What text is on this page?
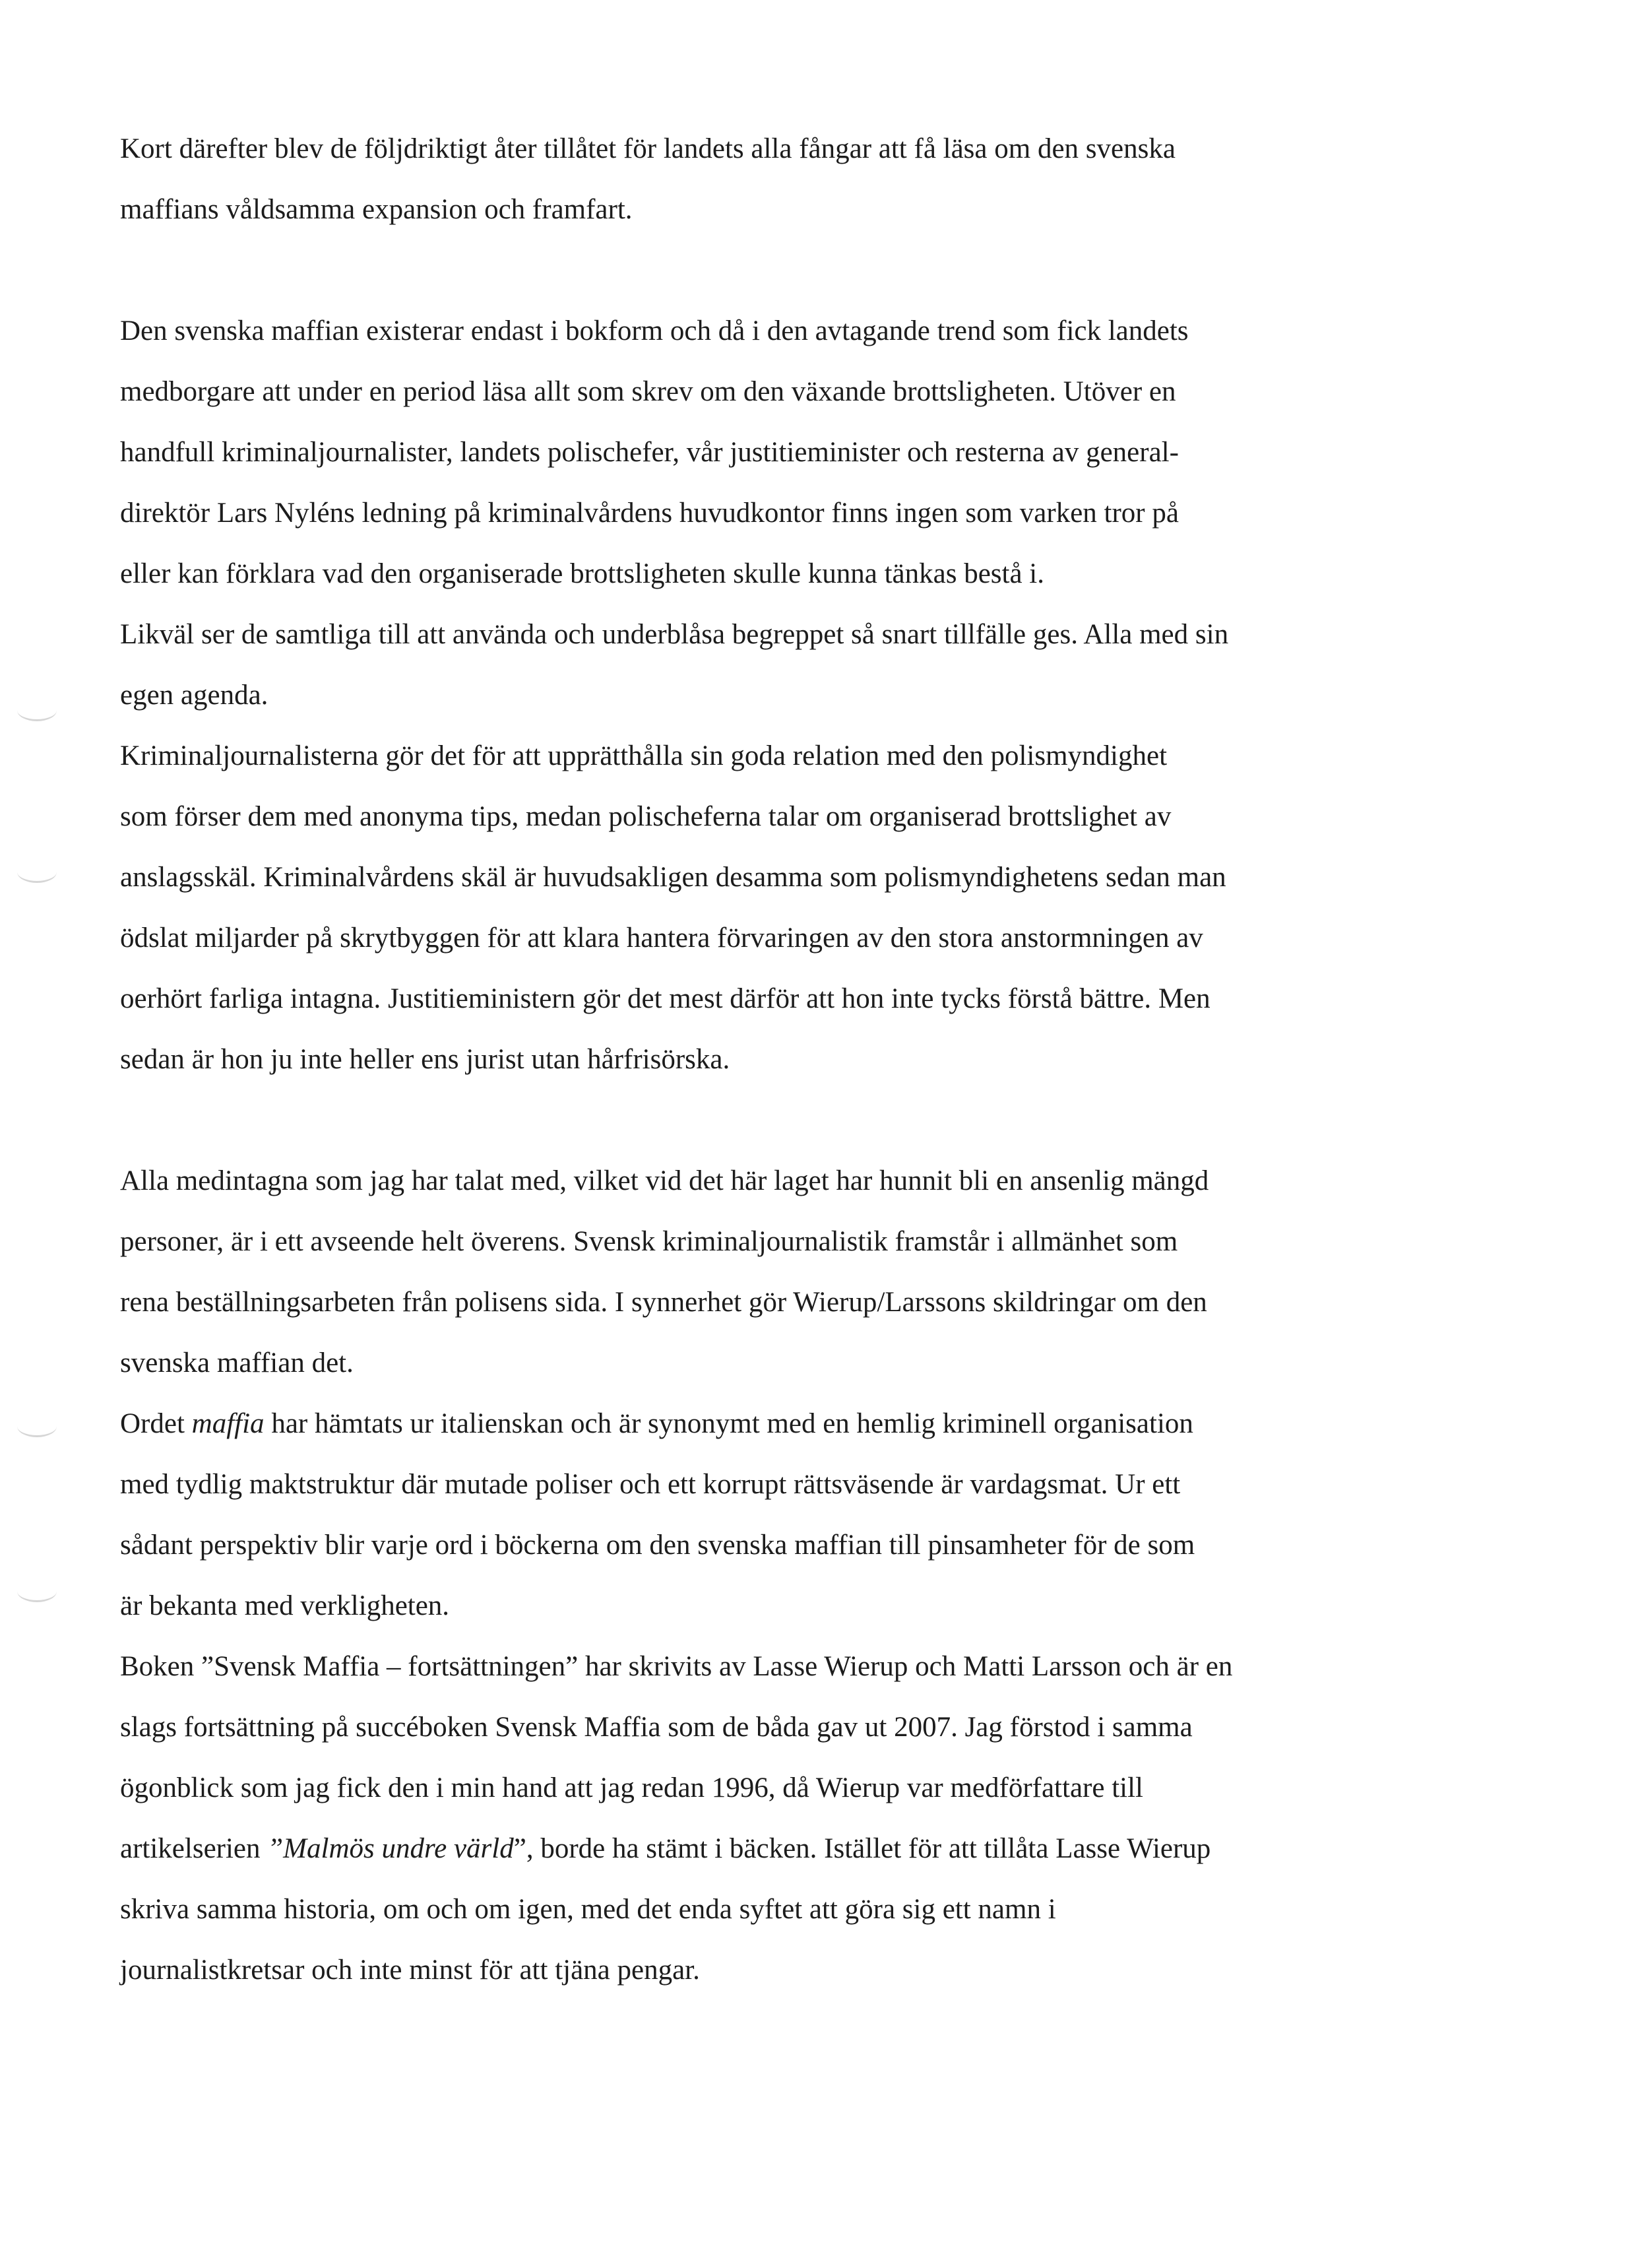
Kort därefter blev de följdriktigt åter tillåtet för landets alla fångar att få läsa om den svenska
maffians våldsamma expansion och framfart.
Den svenska maffian existerar endast i bokform och då i den avtagande trend som fick landets
medborgare att under en period läsa allt som skrev om den växande brottsligheten. Utöver en
handfull kriminaljournalister, landets polischefer, vår justitieminister och resterna av general-
direktör Lars Nyléns ledning på kriminalvårdens huvudkontor finns ingen som varken tror på
eller kan förklara vad den organiserade brottsligheten skulle kunna tänkas bestå i.
Likväl ser de samtliga till att använda och underblåsa begreppet så snart tillfälle ges. Alla med sin
egen agenda.
Kriminaljournalisterna gör det för att upprätthålla sin goda relation med den polismyndighet
som förser dem med anonyma tips, medan polischeferna talar om organiserad brottslighet av
anslagsskäl. Kriminalvårdens skäl är huvudsakligen desamma som polismyndighetens sedan man
ödslat miljarder på skrytbyggen för att klara hantera förvaringen av den stora anstormningen av
oerhört farliga intagna. Justitieministern gör det mest därför att hon inte tycks förstå bättre. Men
sedan är hon ju inte heller ens jurist utan hårfrisörska.
Alla medintagna som jag har talat med, vilket vid det här laget har hunnit bli en ansenlig mängd
personer, är i ett avseende helt överens. Svensk kriminaljournalistik framstår i allmänhet som
rena beställningsarbeten från polisens sida. I synnerhet gör Wierup/Larssons skildringar om den
svenska maffian det.
Ordet maffia har hämtats ur italienskan och är synonymt med en hemlig kriminell organisation
med tydlig maktstruktur där mutade poliser och ett korrupt rättsväsende är vardagsmat. Ur ett
sådant perspektiv blir varje ord i böckerna om den svenska maffian till pinsamheter för de som
är bekanta med verkligheten.
Boken ”Svensk Maffia – fortsättningen” har skrivits av Lasse Wierup och Matti Larsson och är en
slags fortsättning på succéboken Svensk Maffia som de båda gav ut 2007. Jag förstod i samma
ögonblick som jag fick den i min hand att jag redan 1996, då Wierup var medförfattare till
artikelserien ”Malmös undre värld”, borde ha stämt i bäcken. Istället för att tillåta Lasse Wierup
skriva samma historia, om och om igen, med det enda syftet att göra sig ett namn i
journalistkretsar och inte minst för att tjäna pengar.
